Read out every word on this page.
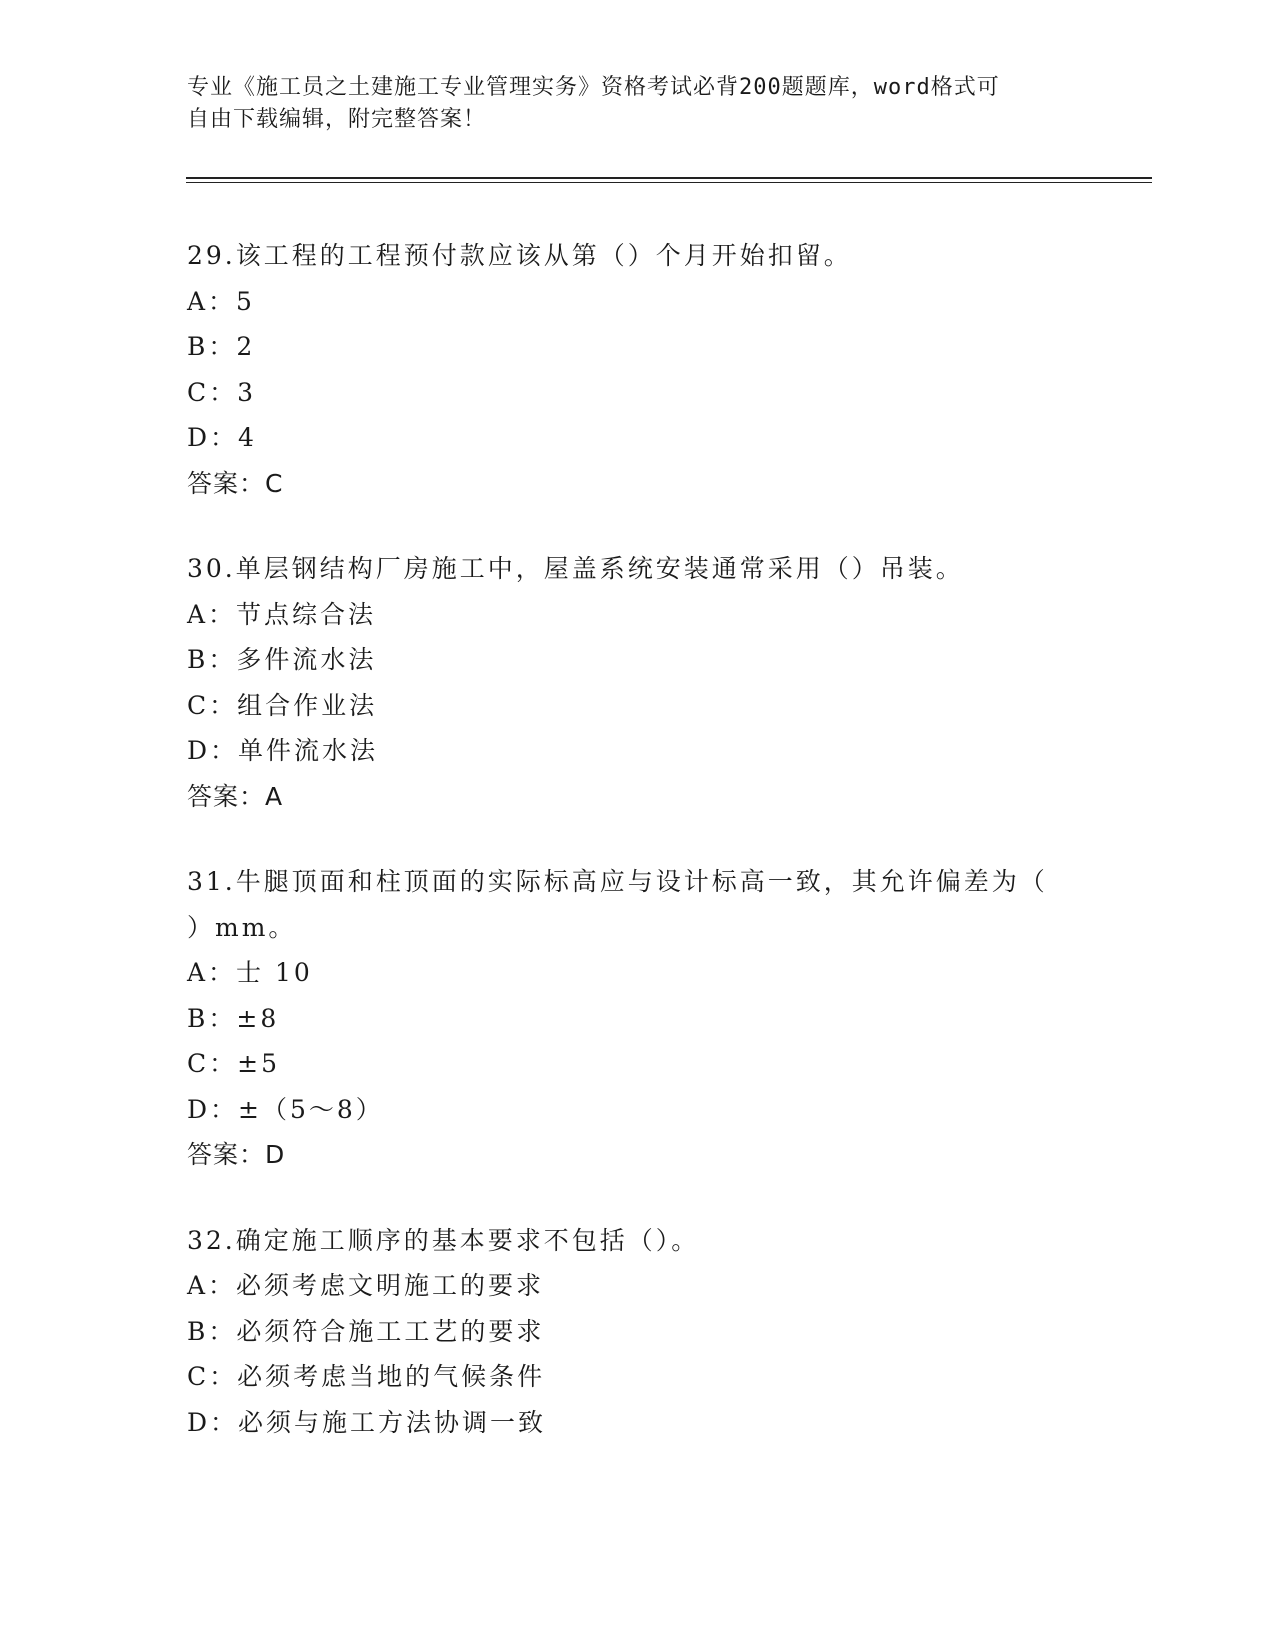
专业《施工员之土建施工专业管理实务》资格考试必背200题题库，word格式可

自由下载编辑，附完整答案！

29.该工程的工程预付款应该从第（）个月开始扣留。
A：5
B：2
C：3
D：4
答案：C
30.单层钢结构厂房施工中，屋盖系统安装通常采用（）吊装。
A：节点综合法
B：多件流水法
C：组合作业法
D：单件流水法
答案：A
31.牛腿顶面和柱顶面的实际标高应与设计标高一致，其允许偏差为（
）mm。
A：士 10
B：±8
C：±5
D：±（5～8）
答案：D
32.确定施工顺序的基本要求不包括（）。
A：必须考虑文明施工的要求
B：必须符合施工工艺的要求
C：必须考虑当地的气候条件
D：必须与施工方法协调一致
